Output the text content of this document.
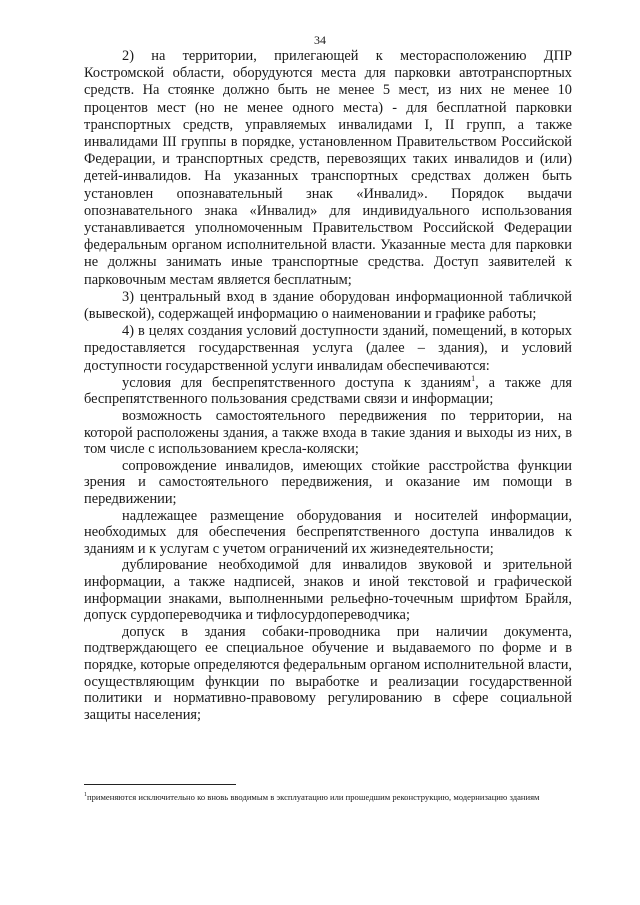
34

2) на территории, прилегающей к месторасположению ДПР Костромской области, оборудуются места для парковки автотранспортных средств. На стоянке должно быть не менее 5 мест, из них не менее 10 процентов мест (но не менее одного места) - для бесплатной парковки транспортных средств, управляемых инвалидами I, II групп, а также инвалидами III группы в порядке, установленном Правительством Российской Федерации, и транспортных средств, перевозящих таких инвалидов и (или) детей-инвалидов. На указанных транспортных средствах должен быть установлен опознавательный знак «Инвалид». Порядок выдачи опознавательного знака «Инвалид» для индивидуального использования устанавливается уполномоченным Правительством Российской Федерации федеральным органом исполнительной власти. Указанные места для парковки не должны занимать иные транспортные средства. Доступ заявителей к парковочным местам является бесплатным;

3) центральный вход в здание оборудован информационной табличкой (вывеской), содержащей информацию о наименовании и графике работы;

4) в целях создания условий доступности зданий, помещений, в которых предоставляется государственная услуга (далее – здания), и условий доступности государственной услуги инвалидам обеспечиваются:

условия для беспрепятственного доступа к зданиям$^1$, а также для беспрепятственного пользования средствами связи и информации;

возможность самостоятельного передвижения по территории, на которой расположены здания, а также входа в такие здания и выходы из них, в том числе с использованием кресла-коляски;

сопровождение инвалидов, имеющих стойкие расстройства функции зрения и самостоятельного передвижения, и оказание им помощи в передвижении;

надлежащее размещение оборудования и носителей информации, необходимых для обеспечения беспрепятственного доступа инвалидов к зданиям и к услугам с учетом ограничений их жизнедеятельности;

дублирование необходимой для инвалидов звуковой и зрительной информации, а также надписей, знаков и иной текстовой и графической информации знаками, выполненными рельефно-точечным шрифтом Брайля, допуск сурдопереводчика и тифлосурдопереводчика;

допуск в здания собаки-проводника при наличии документа, подтверждающего ее специальное обучение и выдаваемого по форме и в порядке, которые определяются федеральным органом исполнительной власти, осуществляющим функции по выработке и реализации государственной политики и нормативно-правовому регулированию в сфере социальной защиты населения;

$^1$применяются исключительно ко вновь вводимым в эксплуатацию или прошедшим реконструкцию, модернизацию зданиям
